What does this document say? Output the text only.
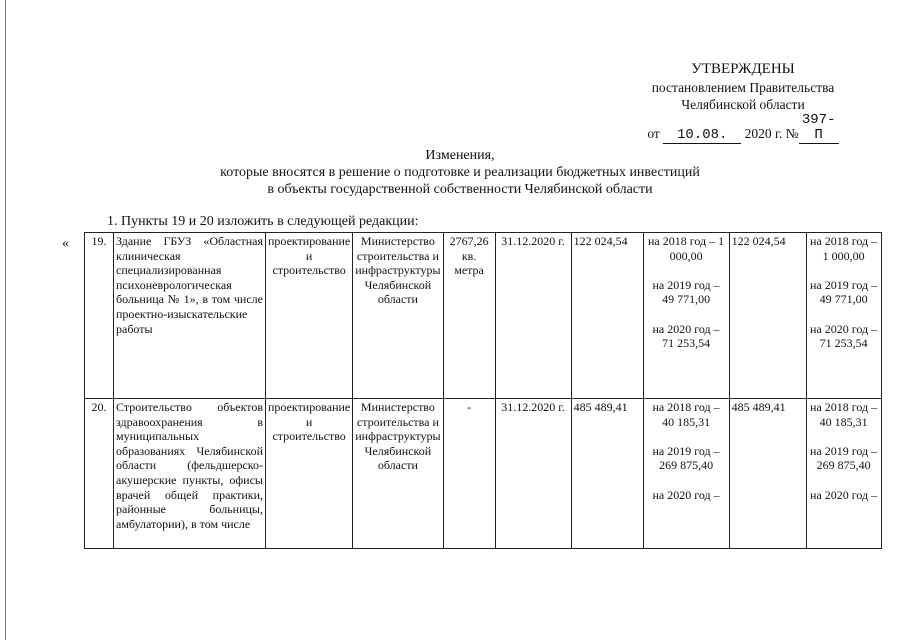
УТВЕРЖДЕНЫ
постановлением Правительства
Челябинской области
от 10.08. 2020 г. №397-П
Изменения,
которые вносятся в решение о подготовке и реализации бюджетных инвестиций
в объекты государственной собственности Челябинской области
1. Пункты 19 и 20 изложить в следующей редакции:
« 19.	Здание ГБУЗ «Областная клиническая специализированная психоневрологическая больница № 1», в том числе проектно-изыскательские работы	проектирование и строительство	Министерство строительства и инфраструктуры Челябинской области	2767,26 кв. метра	31.12.2020 г.	122 024,54	на 2018 год – 1 000,00

на 2019 год – 49 771,00

на 2020 год – 71 253,54	122 024,54	на 2018 год – 1 000,00

на 2019 год – 49 771,00

на 2020 год – 71 253,54
20.	Строительство объектов здравоохранения в муниципальных образованиях Челябинской области (фельдшерско-акушерские пункты, офисы врачей общей практики, районные больницы, амбулатории), в том числе	проектирование и строительство	Министерство строительства и инфраструктуры Челябинской области	-	31.12.2020 г.	485 489,41	на 2018 год –
40 185,31

на 2019 год –
269 875,40

на 2020 год –	485 489,41	на 2018 год –
40 185,31

на 2019 год –
269 875,40

на 2020 год –
